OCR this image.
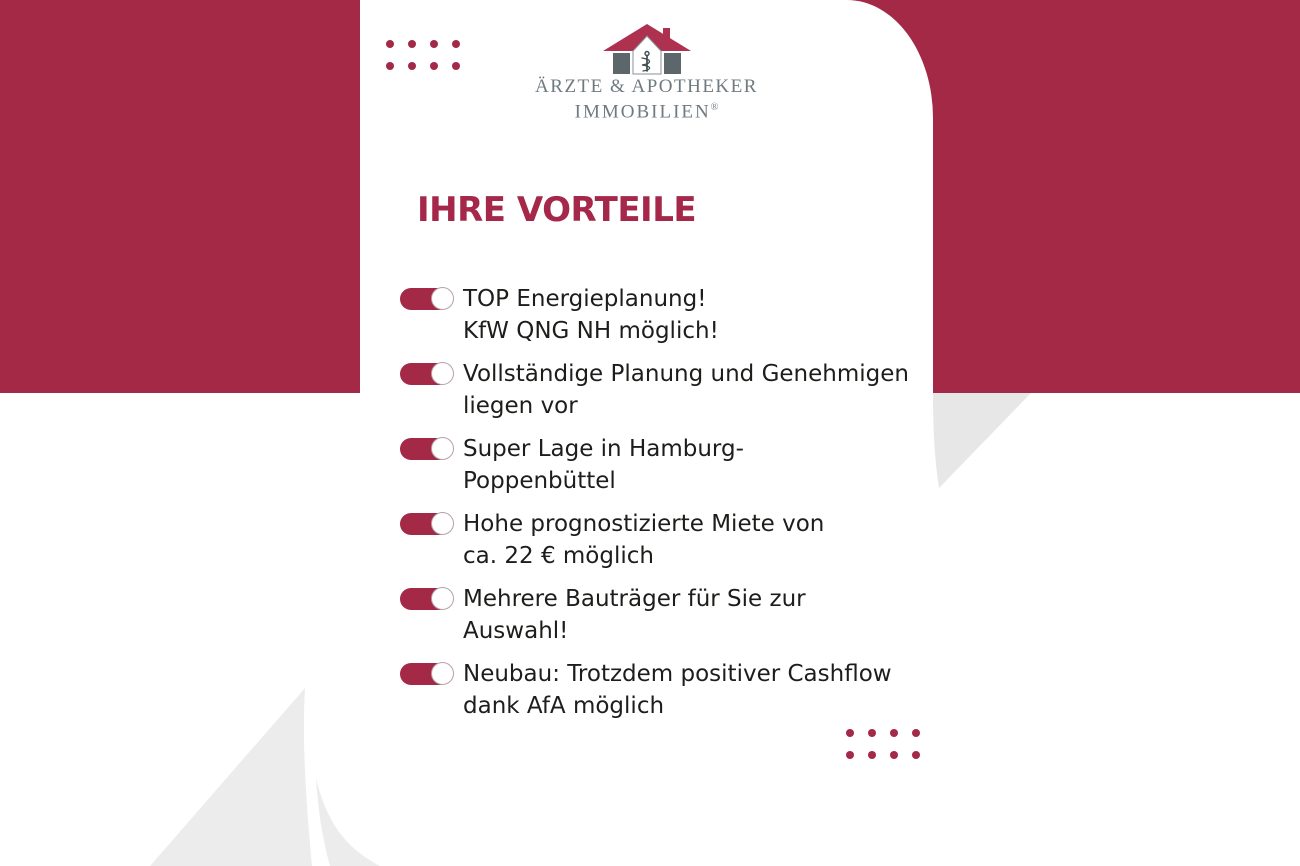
ÄRZTE & APOTHEKER
IMMOBILIEN®
IHRE VORTEILE
TOP Energieplanung!
KfW QNG NH möglich!
Vollständige Planung und Genehmigen
liegen vor
Super Lage in Hamburg-
Poppenbüttel
Hohe prognostizierte Miete von
ca. 22 € möglich
Mehrere Bauträger für Sie zur
Auswahl!
Neubau: Trotzdem positiver Cashflow
dank AfA möglich
